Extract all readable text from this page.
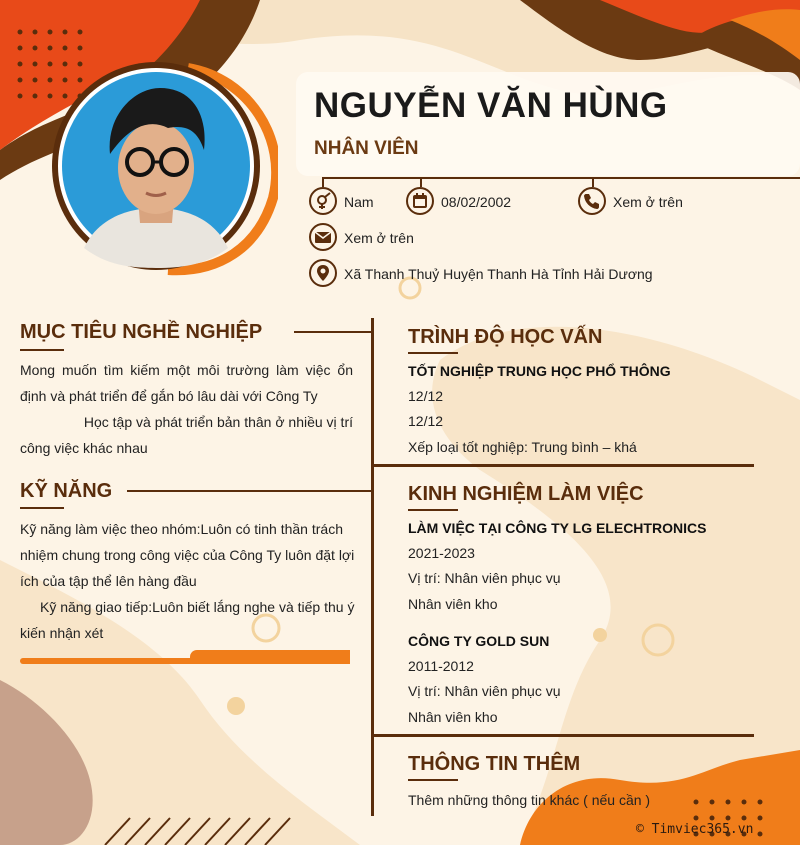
NGUYỄN VĂN HÙNG
NHÂN VIÊN
Nam	08/02/2002	Xem ở trên
Xem ở trên
Xã Thanh Thuỷ Huyện Thanh Hà Tỉnh Hải Dương
MỤC TIÊU NGHỀ NGHIỆP
Mong muốn tìm kiếm một môi trường làm việc ổn
định và phát triển để gắn bó lâu dài với Công Ty
Học tập và phát triển bản thân ở nhiều vị trí
công việc khác nhau
KỸ NĂNG
Kỹ năng làm việc theo nhóm:Luôn có tinh thần trách
nhiệm chung trong công việc của Công Ty luôn đặt lợi
ích của tập thể lên hàng đầu
Kỹ năng giao tiếp:Luôn biết lắng nghe và tiếp thu ý
kiến nhận xét
TRÌNH ĐỘ HỌC VẤN
TỐT NGHIỆP TRUNG HỌC PHỔ THÔNG
12/12
12/12
Xếp loại tốt nghiệp: Trung bình – khá
KINH NGHIỆM LÀM VIỆC
LÀM VIỆC TẠI CÔNG TY LG ELECHTRONICS
2021-2023
Vị trí: Nhân viên phục vụ
Nhân viên kho
CÔNG TY GOLD SUN
2011-2012
Vị trí: Nhân viên phục vụ
Nhân viên kho
THÔNG TIN THÊM
Thêm những thông tin khác ( nếu cần )
© Timviec365.vn
